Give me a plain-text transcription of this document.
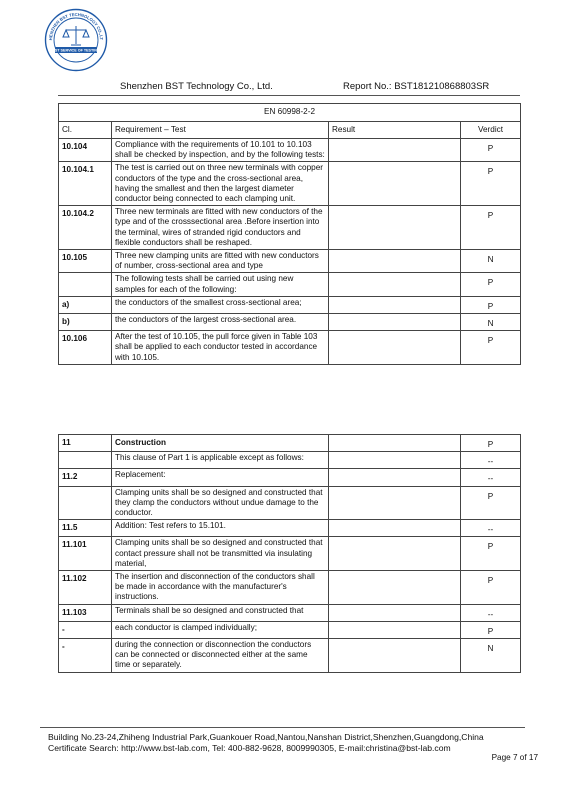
HENZHEN BST TECHNOLOGY CO.,LT
BST SERVICE OF TESTING
Shenzhen BST Technology Co., Ltd.	Report No.: BST181210868803SR
EN 60998-2-2			
Cl.	Requirement – Test	Result	Verdict
10.104	Compliance with the requirements of 10.101 to 10.103 shall be checked by inspection, and by the following tests:		P
10.104.1	The test is carried out on three new terminals with copper conductors of the type and the cross-sectional area, having the smallest and then the largest diameter conductor being connected to each clamping unit.		P
10.104.2	Three new terminals are fitted with new conductors of the type and of the crosssectional area .Before insertion into the terminal, wires of stranded rigid conductors and flexible conductors shall be reshaped.		P
10.105	Three new clamping units are fitted with new conductors of number, cross-sectional area and type		N
	The following tests shall be carried out using new samples for each of the following:		P
a)	the conductors of the smallest cross-sectional area;		P
b)	the conductors of the largest cross-sectional area.		N
10.106	After the test of 10.105, the pull force given in Table 103 shall be applied to each conductor tested in accordance with 10.105.		P
11	Construction		P
	This clause of Part 1 is applicable except as follows:		--
11.2	Replacement:		--
	Clamping units shall be so designed and constructed that they clamp the conductors without undue damage to the conductor.		P
11.5	Addition: Test refers to 15.101.		--
11.101	Clamping units shall be so designed and constructed that contact pressure shall not be transmitted via insulating material,		P
11.102	The insertion and disconnection of the conductors shall be made in accordance with the manufacturer's instructions.		P
11.103	Terminals shall be so designed and constructed that		--
-	each conductor is clamped individually;		P
-	during the connection or disconnection the conductors can be connected or disconnected either at the same time or separately.		N
Building No.23-24,Zhiheng Industrial Park,Guankouer Road,Nantou,Nanshan District,Shenzhen,Guangdong,China
Certificate Search: http://www.bst-lab.com, Tel: 400-882-9628, 8009990305, E-mail:christina@bst-lab.com
Page 7 of 17
